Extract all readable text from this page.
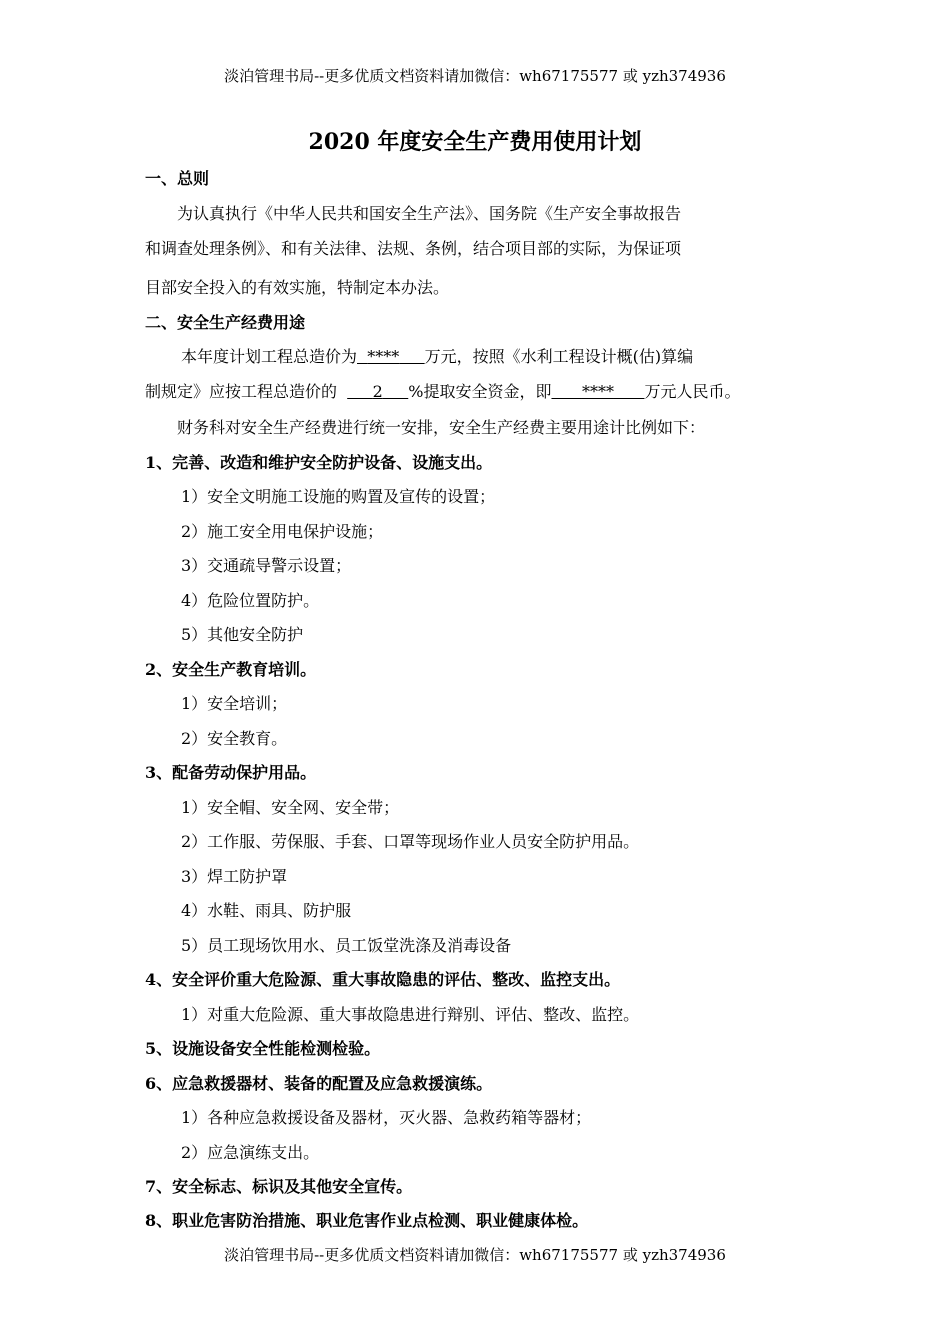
淡泊管理书局--更多优质文档资料请加微信：wh67175577 或 yzh374936
2020 年度安全生产费用使用计划
一、总则
为认真执行《中华人民共和国安全生产法》、国务院《生产安全事故报告
和调查处理条例》、和有关法律、法规、条例，结合项目部的实际，为保证项
目部安全投入的有效实施，特制定本办法。
二、安全生产经费用途
本年度计划工程总造价为 **** 万元，按照《水利工程设计概(估)算编
制规定》应按工程总造价的 2 %提取安全资金，即 **** 万元人民币。
财务科对安全生产经费进行统一安排，安全生产经费主要用途计比例如下：
1、完善、改造和维护安全防护设备、设施支出。
1）安全文明施工设施的购置及宣传的设置；
2）施工安全用电保护设施；
3）交通疏导警示设置；
4）危险位置防护。
5）其他安全防护
2、安全生产教育培训。
1）安全培训；
2）安全教育。
3、配备劳动保护用品。
1）安全帽、安全网、安全带；
2）工作服、劳保服、手套、口罩等现场作业人员安全防护用品。
3）焊工防护罩
4）水鞋、雨具、防护服
5）员工现场饮用水、员工饭堂洗涤及消毒设备
4、安全评价重大危险源、重大事故隐患的评估、整改、监控支出。
1）对重大危险源、重大事故隐患进行辩别、评估、整改、监控。
5、设施设备安全性能检测检验。
6、应急救援器材、装备的配置及应急救援演练。
1）各种应急救援设备及器材，灭火器、急救药箱等器材；
2）应急演练支出。
7、安全标志、标识及其他安全宣传。
8、职业危害防治措施、职业危害作业点检测、职业健康体检。
淡泊管理书局--更多优质文档资料请加微信：wh67175577 或 yzh374936
